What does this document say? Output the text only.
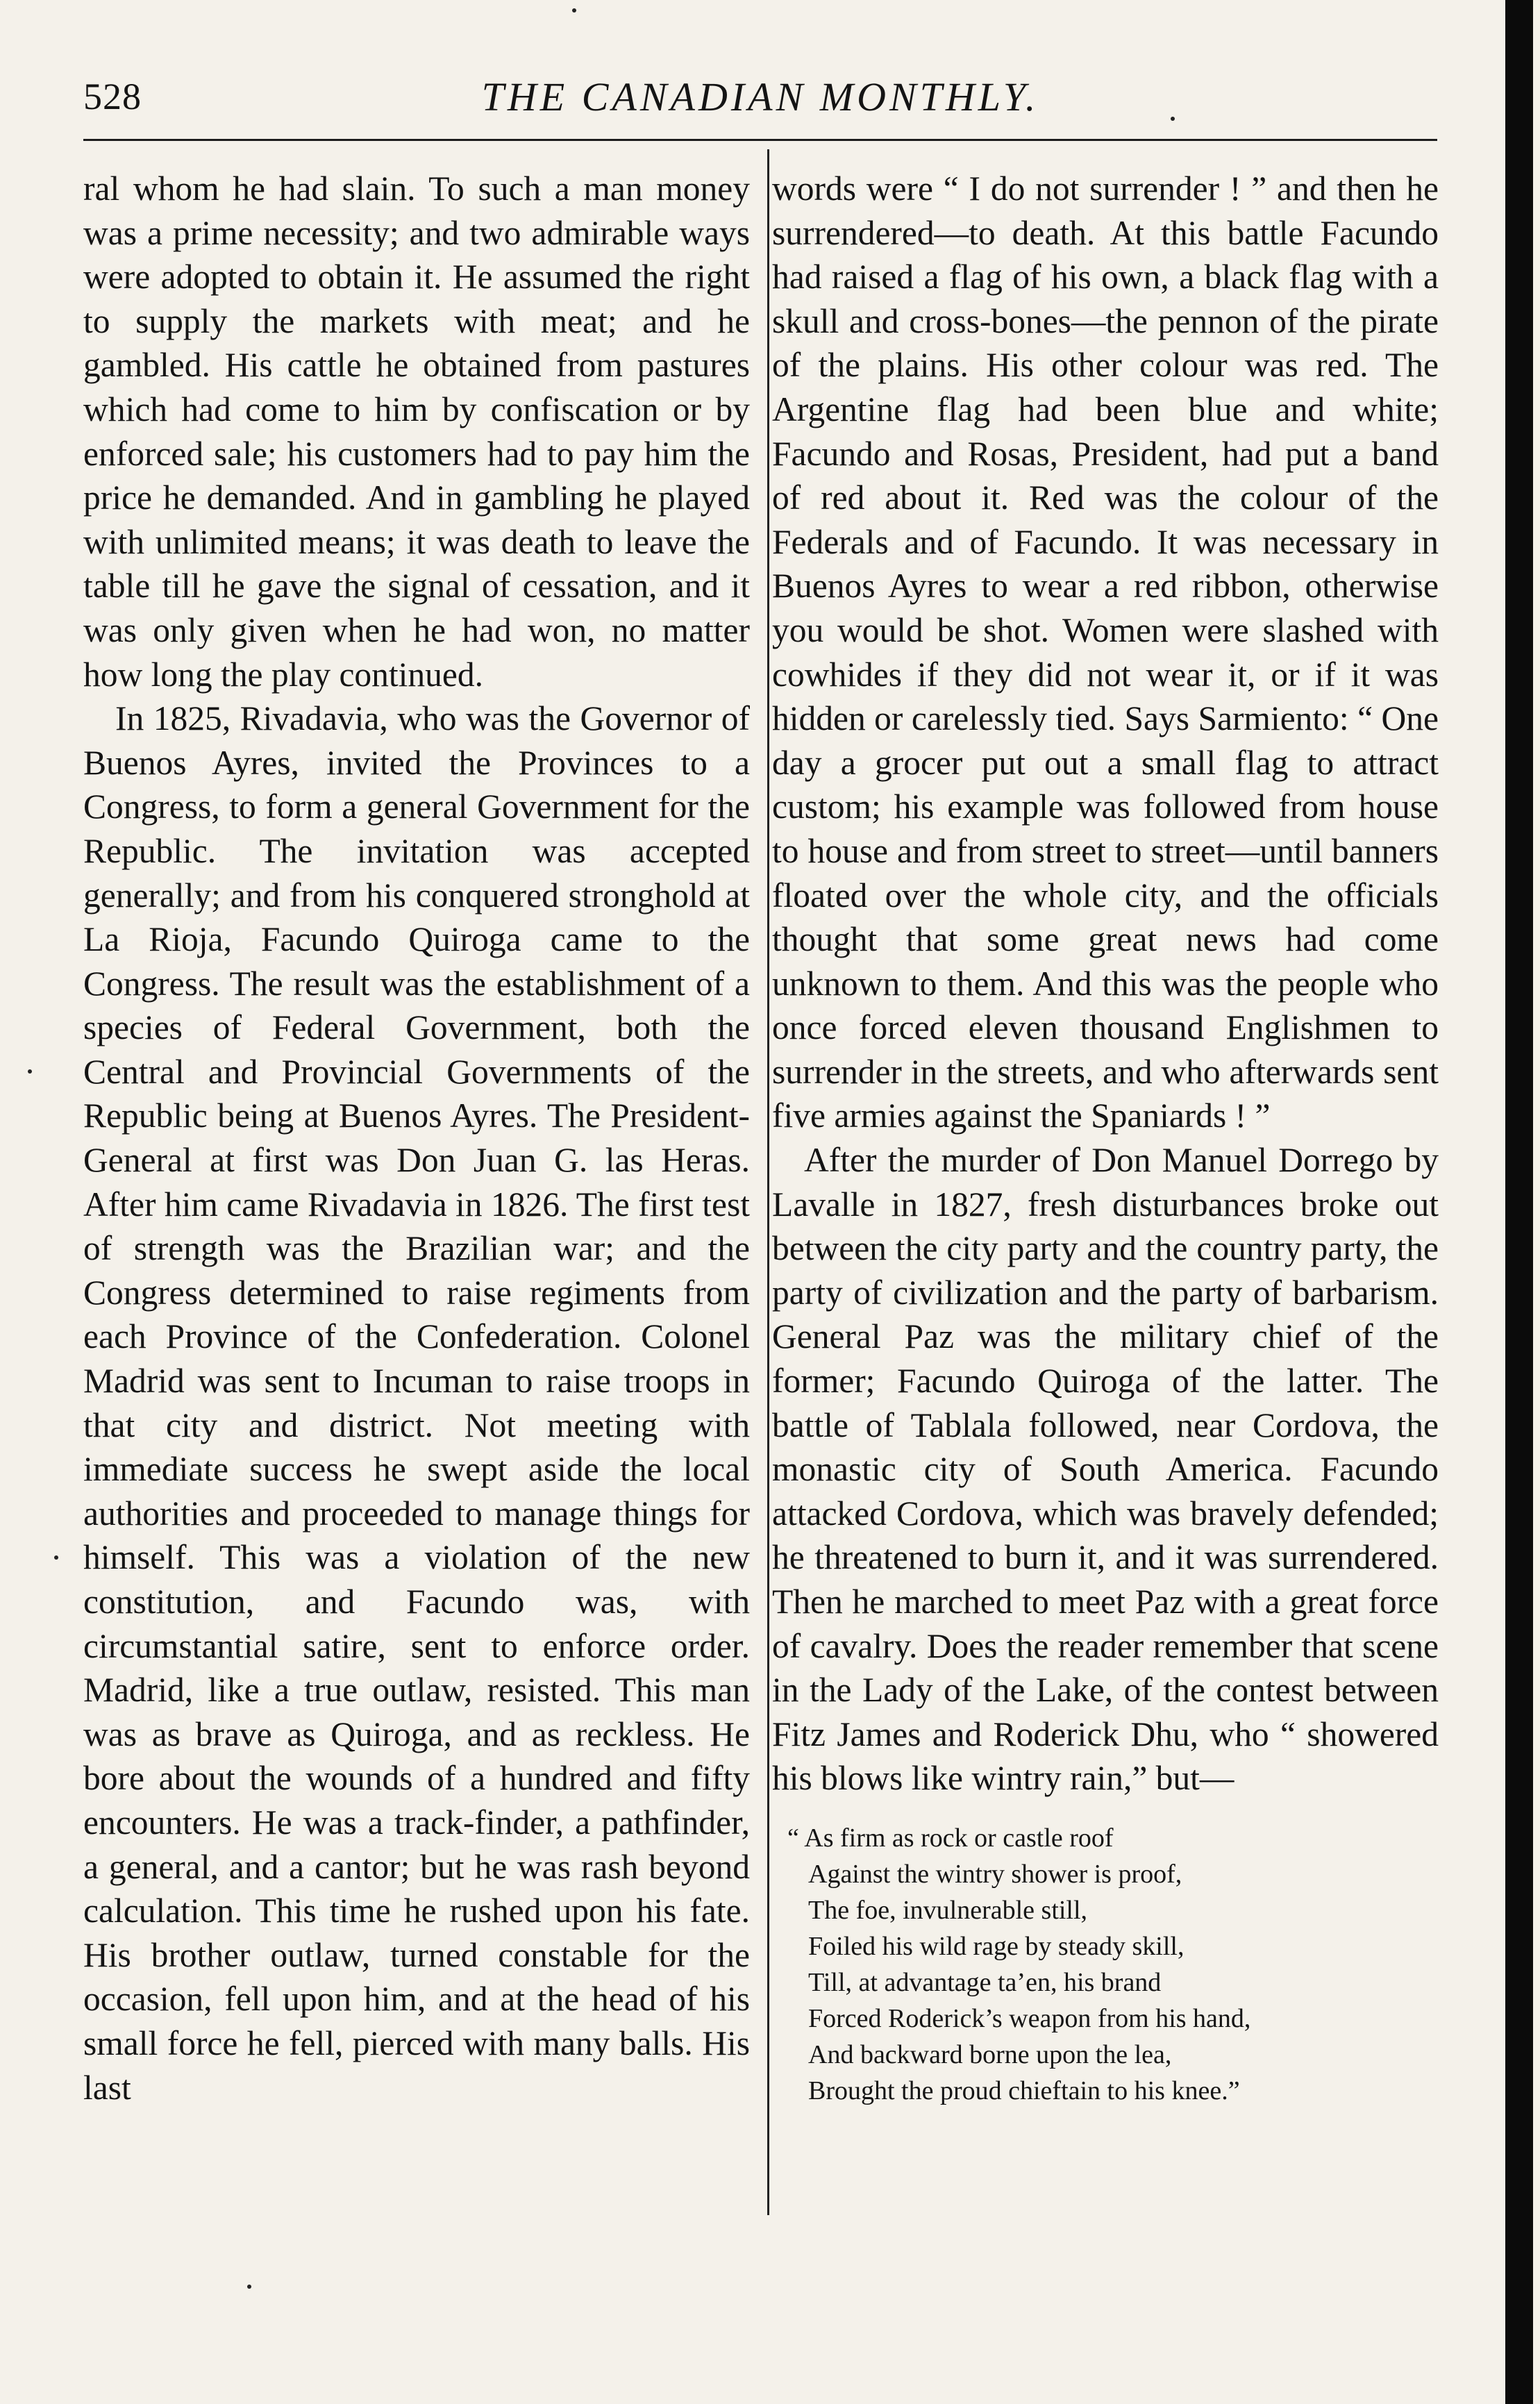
528	THE CANADIAN MONTHLY.

ral whom he had slain. To such a man money was a prime necessity; and two admirable ways were adopted to obtain it. He assumed the right to supply the markets with meat; and he gambled. His cattle he obtained from pastures which had come to him by confiscation or by enforced sale; his customers had to pay him the price he demanded. And in gambling he played with unlimited means; it was death to leave the table till he gave the signal of cessation, and it was only given when he had won, no matter how long the play continued.

In 1825, Rivadavia, who was the Governor of Buenos Ayres, invited the Provinces to a Congress, to form a general Government for the Republic. The invitation was accepted generally; and from his conquered stronghold at La Rioja, Facundo Quiroga came to the Congress. The result was the establishment of a species of Federal Government, both the Central and Provincial Governments of the Republic being at Buenos Ayres. The President-General at first was Don Juan G. las Heras. After him came Rivadavia in 1826. The first test of strength was the Brazilian war; and the Congress determined to raise regiments from each Province of the Confederation. Colonel Madrid was sent to Incuman to raise troops in that city and district. Not meeting with immediate success he swept aside the local authorities and proceeded to manage things for himself. This was a violation of the new constitution, and Facundo was, with circumstantial satire, sent to enforce order. Madrid, like a true outlaw, resisted. This man was as brave as Quiroga, and as reckless. He bore about the wounds of a hundred and fifty encounters. He was a track-finder, a pathfinder, a general, and a cantor; but he was rash beyond calculation. This time he rushed upon his fate. His brother outlaw, turned constable for the occasion, fell upon him, and at the head of his small force he fell, pierced with many balls. His last

words were “ I do not surrender ! ” and then he surrendered—to death. At this battle Facundo had raised a flag of his own, a black flag with a skull and cross-bones—the pennon of the pirate of the plains. His other colour was red. The Argentine flag had been blue and white; Facundo and Rosas, President, had put a band of red about it. Red was the colour of the Federals and of Facundo. It was necessary in Buenos Ayres to wear a red ribbon, otherwise you would be shot. Women were slashed with cowhides if they did not wear it, or if it was hidden or carelessly tied. Says Sarmiento: “ One day a grocer put out a small flag to attract custom; his example was followed from house to house and from street to street—until banners floated over the whole city, and the officials thought that some great news had come unknown to them. And this was the people who once forced eleven thousand Englishmen to surrender in the streets, and who afterwards sent five armies against the Spaniards ! ”

After the murder of Don Manuel Dorrego by Lavalle in 1827, fresh disturbances broke out between the city party and the country party, the party of civilization and the party of barbarism. General Paz was the military chief of the former; Facundo Quiroga of the latter. The battle of Tablala followed, near Cordova, the monastic city of South America. Facundo attacked Cordova, which was bravely defended; he threatened to burn it, and it was surrendered. Then he marched to meet Paz with a great force of cavalry. Does the reader remember that scene in the Lady of the Lake, of the contest between Fitz James and Roderick Dhu, who “ showered his blows like wintry rain,” but—

“ As firm as rock or castle roof
Against the wintry shower is proof,
The foe, invulnerable still,
Foiled his wild rage by steady skill,
Till, at advantage ta’en, his brand
Forced Roderick’s weapon from his hand,
And backward borne upon the lea,
Brought the proud chieftain to his knee.”
